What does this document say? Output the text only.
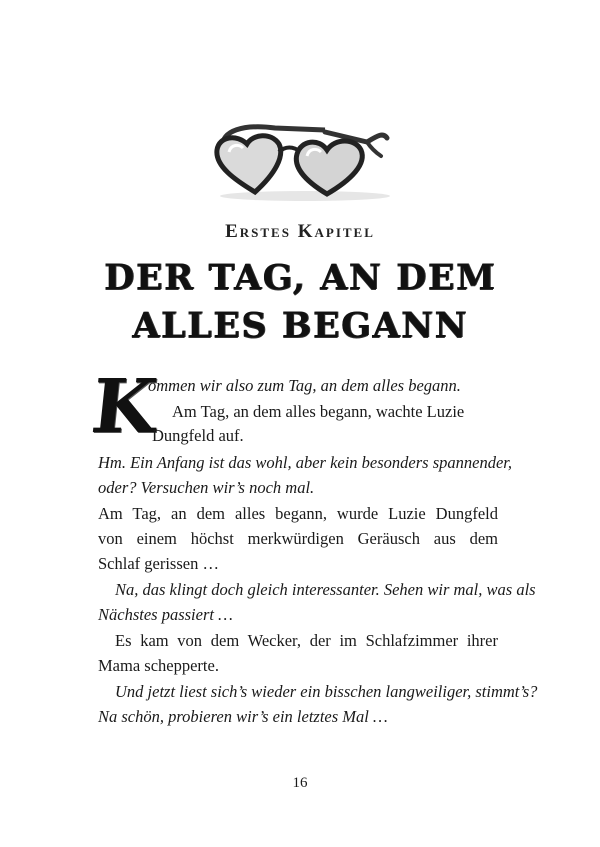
Erstes Kapitel
DER TAG, AN DEM
ALLES BEGANN
K
ommen wir also zum Tag, an dem alles begann.
Am Tag, an dem alles begann, wachte Luzie
Dungfeld auf.
Hm. Ein Anfang ist das wohl, aber kein besonders spannender,
oder? Versuchen wir’s noch mal.
Am Tag, an dem alles begann, wurde Luzie Dungfeld
von einem höchst merkwürdigen Geräusch aus dem
Schlaf gerissen …
Na, das klingt doch gleich interessanter. Sehen wir mal, was als
Nächstes passiert …
Es kam von dem Wecker, der im Schlafzimmer ihrer
Mama schepperte.
Und jetzt liest sich’s wieder ein bisschen langweiliger, stimmt’s?
Na schön, probieren wir’s ein letztes Mal …
16
